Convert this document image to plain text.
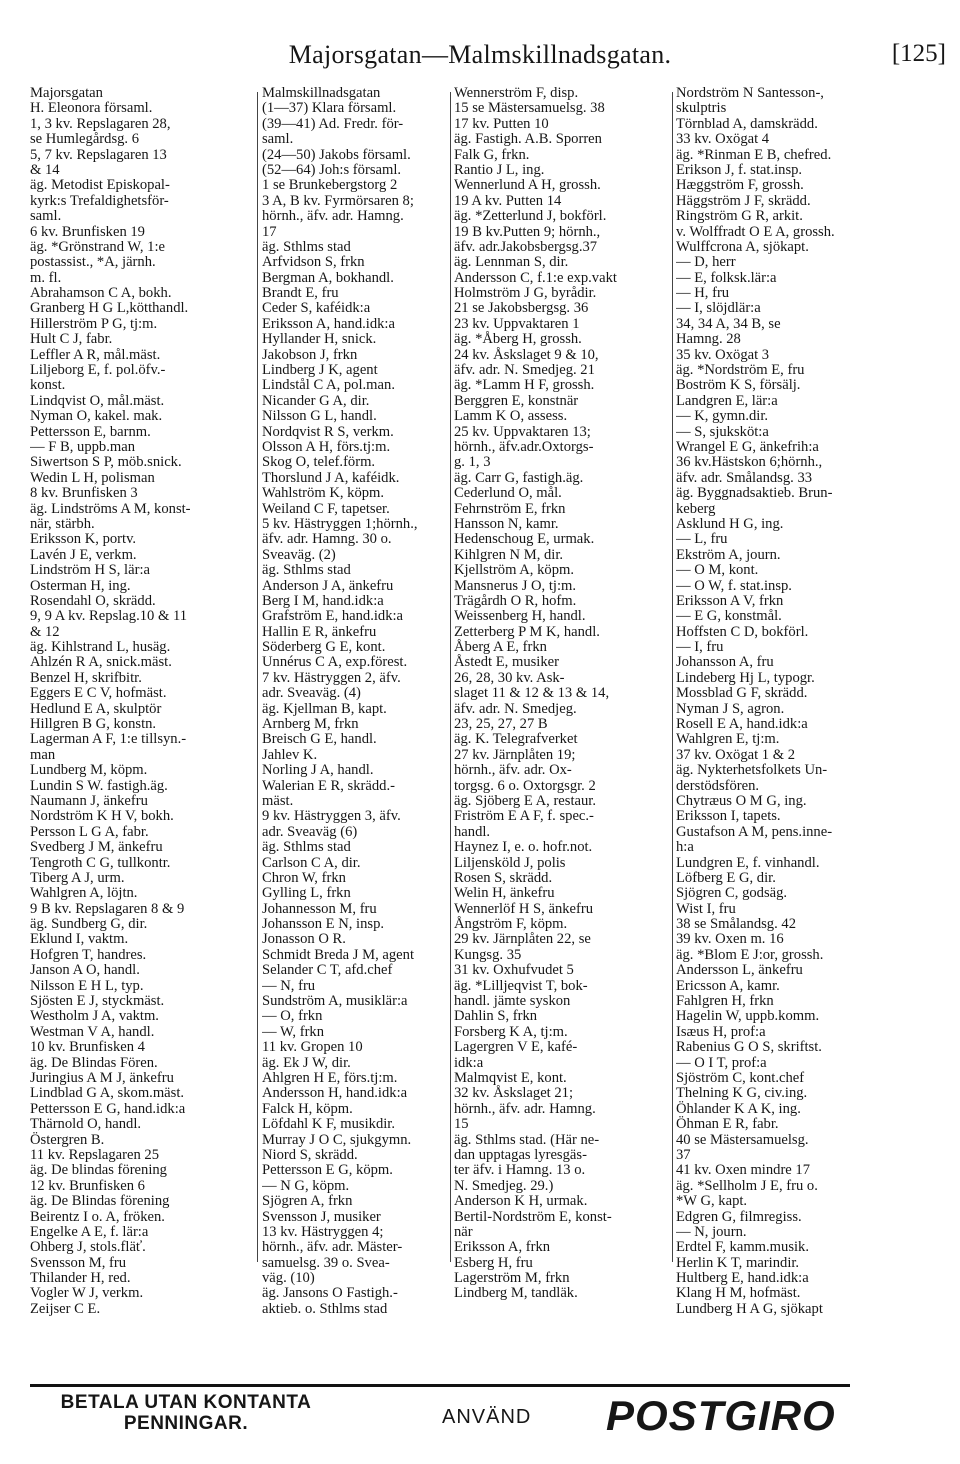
Majorsgatan—Malmskillnadsgatan.	[125]
Majorsgatan
H. Eleonora församl.
1, 3 kv. Repslagaren 28,
se Humlegårdsg. 6
5, 7 kv. Repslagaren 13
& 14
äg. Metodist Episkopal-
kyrk:s Trefaldighetsför-
saml.
6 kv. Brunfisken 19
äg. *Grönstrand W, 1:e
postassist., *A, järnh.
m. fl.
Abrahamson C A, bokh.
Granberg H G L,kötthandl.
Hillerström P G, tj:m.
Hult C J, fabr.
Leffler A R, mål.mäst.
Liljeborg E, f. pol.öfv.-
konst.
Lindqvist O, mål.mäst.
Nyman O, kakel. mak.
Pettersson E, barnm.
— F B, uppb.man
Siwertson S P, möb.snick.
Wedin L H, polisman
8 kv. Brunfisken 3
äg. Lindströms A M, konst-
när, stärbh.
Eriksson K, portv.
Lavén J E, verkm.
Lindström H S, lär:a
Osterman H, ing.
Rosendahl O, skrädd.
9, 9 A kv. Repslag.10 & 11
& 12
äg. Kihlstrand L, husäg.
Ahlzén R A, snick.mäst.
Benzel H, skrifbitr.
Eggers E C V, hofmäst.
Hedlund E A, skulptör
Hillgren B G, konstn.
Lagerman A F, 1:e tillsyn.-
man
Lundberg M, köpm.
Lundin S W. fastigh.äg.
Naumann J, änkefru
Nordström K H V, bokh.
Persson L G A, fabr.
Svedberg J M, änkefru
Tengroth C G, tullkontr.
Tiberg A J, urm.
Wahlgren A, löjtn.
9 B kv. Repslagaren 8 & 9
äg. Sundberg G, dir.
Eklund I, vaktm.
Hofgren T, handres.
Janson A O, handl.
Nilsson E H L, typ.
Sjösten E J, styckmäst.
Westholm J A, vaktm.
Westman V A, handl.
10 kv. Brunfisken 4
äg. De Blindas Fören.
Juringius A M J, änkefru
Lindblad G A, skom.mäst.
Pettersson E G, hand.idk:a
Thärnold O, handl.
Östergren B.
11 kv. Repslagaren 25
äg. De blindas förening
12 kv. Brunfisken 6
äg. De Blindas förening
Beirentz I o. A, fröken.
Engelke A E, f. lär:a
Ohberg J, stols.fläť.
Svensson M, fru
Thilander H, red.
Vogler W J, verkm.
Zeijser C E.
Malmskillnadsgatan
(1—37) Klara församl.
(39—41) Ad. Fredr. för-
saml.
(24—50) Jakobs församl.
(52—64) Joh:s församl.
1 se Brunkebergstorg 2
3 A, B kv. Fyrmörsaren 8;
hörnh., äfv. adr. Hamng.
17
äg. Sthlms stad
Arfvidson S, frkn
Bergman A, bokhandl.
Brandt E, fru
Ceder S, kaféidk:a
Eriksson A, hand.idk:a
Hyllander H, snick.
Jakobson J, frkn
Lindberg J K, agent
Lindstål C A, pol.man.
Nicander G A, dir.
Nilsson G L, handl.
Nordqvist R S, verkm.
Olsson A H, förs.tj:m.
Skog O, telef.förm.
Thorslund J A, kaféidk.
Wahlström K, köpm.
Weiland C F, tapetser.
5 kv. Hästryggen 1;hörnh.,
äfv. adr. Hamng. 30 o.
Sveaväg. (2)
äg. Sthlms stad
Anderson J A, änkefru
Berg I M, hand.idk:a
Grafström E, hand.idk:a
Hallin E R, änkefru
Söderberg G E, kont.
Unnérus C A, exp.förest.
7 kv. Hästryggen 2, äfv.
adr. Sveaväg. (4)
äg. Kjellman B, kapt.
Arnberg M, frkn
Breisch G E, handl.
Jahlev K.
Norling J A, handl.
Walerian E R, skrädd.-
mäst.
9 kv. Hästryggen 3, äfv.
adr. Sveaväg (6)
äg. Sthlms stad
Carlson C A, dir.
Chron W, frkn
Gylling L, frkn
Johannesson M, fru
Johansson E N, insp.
Jonasson O R.
Schmidt Breda J M, agent
Selander C T, afd.chef
— N, fru
Sundström A, musiklär:a
— O, frkn
— W, frkn
11 kv. Gropen 10
äg. Ek J W, dir.
Ahlgren H E, förs.tj:m.
Andersson H, hand.idk:a
Falck H, köpm.
Löfdahl K F, musikdir.
Murray J O C, sjukgymn.
Niord S, skrädd.
Pettersson E G, köpm.
— N G, köpm.
Sjögren A, frkn
Svensson J, musiker
13 kv. Hästryggen 4;
hörnh., äfv. adr. Mäster-
samuelsg. 39 o. Svea-
väg. (10)
äg. Jansons O Fastigh.-
aktieb. o. Sthlms stad
Wennerström F, disp.
15 se Mästersamuelsg. 38
17 kv. Putten 10
äg. Fastigh. A.B. Sporren
Falk G, frkn.
Rantio J L, ing.
Wennerlund A H, grossh.
19 A kv. Putten 14
äg. *Zetterlund J, bokförl.
19 B kv.Putten 9; hörnh.,
äfv. adr.Jakobsbergsg.37
äg. Lennman S, dir.
Andersson C, f.1:e exp.vakt
Holmström J G, byrådir.
21 se Jakobsbergsg. 36
23 kv. Uppvaktaren 1
äg. *Åberg H, grossh.
24 kv. Åskslaget 9 & 10,
äfv. adr. N. Smedjeg. 21
äg. *Lamm H F, grossh.
Berggren E, konstnär
Lamm K O, assess.
25 kv. Uppvaktaren 13;
hörnh., äfv.adr.Oxtorgs-
g. 1, 3
äg. Carr G, fastigh.äg.
Cederlund O, mål.
Fehrnström E, frkn
Hansson N, kamr.
Hedenschoug E, urmak.
Kihlgren N M, dir.
Kjellström A, köpm.
Mansnerus J O, tj:m.
Trägårdh O R, hofm.
Weissenberg H, handl.
Zetterberg P M K, handl.
Åberg A E, frkn
Åstedt E, musiker
26, 28, 30 kv. Ask-
slaget 11 & 12 & 13 & 14,
äfv. adr. N. Smedjeg.
23, 25, 27, 27 B
äg. K. Telegrafverket
27 kv. Järnplåten 19;
hörnh., äfv. adr. Ox-
torgsg. 6 o. Oxtorgsgr. 2
äg. Sjöberg E A, restaur.
Friström E A F, f. spec.-
handl.
Haynez I, e. o. hofr.not.
Liljensköld J, polis
Rosen S, skrädd.
Welin H, änkefru
Wennerlöf H S, änkefru
Ångström F, köpm.
29 kv. Järnplåten 22, se
Kungsg. 35
31 kv. Oxhufvudet 5
äg. *Lilljeqvist T, bok-
handl. jämte syskon
Dahlin S, frkn
Forsberg K A, tj:m.
Lagergren V E, kafé-
idk:a
Malmqvist E, kont.
32 kv. Åskslaget 21;
hörnh., äfv. adr. Hamng.
15
äg. Sthlms stad. (Här ne-
dan upptagas lyresgäs-
ter äfv. i Hamng. 13 o.
N. Smedjeg. 29.)
Anderson K H, urmak.
Bertil-Nordström E, konst-
när
Eriksson A, frkn
Esberg H, fru
Lagerström M, frkn
Lindberg M, tandläk.
Nordström N Santesson-,
skulptris
Törnblad A, damskrädd.
33 kv. Oxögat 4
äg. *Rinman E B, chefred.
Erikson J, f. stat.insp.
Hæggström F, grossh.
Häggström J F, skrädd.
Ringström G R, arkit.
v. Wolffradt O E A, grossh.
Wulffcrona A, sjökapt.
— D, herr
— E, folksk.lär:a
— H, fru
— I, slöjdlär:a
34, 34 A, 34 B, se
Hamng. 28
35 kv. Oxögat 3
äg. *Nordström E, fru
Boström K S, försälj.
Landgren E, lär:a
— K, gymn.dir.
— S, sjuksköt:a
Wrangel E G, änkefrih:a
36 kv.Hästskon 6;hörnh.,
äfv. adr. Smålandsg. 33
äg. Byggnadsaktieb. Brun-
keberg
Asklund H G, ing.
— L, fru
Ekström A, journ.
— O M, kont.
— O W, f. stat.insp.
Eriksson A V, frkn
— E G, konstmål.
Hoffsten C D, bokförl.
— I, fru
Johansson A, fru
Lindeberg Hj L, typogr.
Mossblad G F, skrädd.
Nyman J S, agron.
Rosell E A, hand.idk:a
Wahlgren E, tj:m.
37 kv. Oxögat 1 & 2
äg. Nykterhetsfolkets Un-
derstödsfören.
Chytræus O M G, ing.
Eriksson I, tapets.
Gustafson A M, pens.inne-
h:a
Lundgren E, f. vinhandl.
Löfberg E G, dir.
Sjögren C, godsäg.
Wist I, fru
38 se Smålandsg. 42
39 kv. Oxen m. 16
äg. *Blom E J:or, grossh.
Andersson L, änkefru
Ericsson A, kamr.
Fahlgren H, frkn
Hagelin W, uppb.komm.
Isæus H, prof:a
Rabenius G O S, skriftst.
— O I T, prof:a
Sjöström C, kont.chef
Thelning K G, civ.ing.
Öhlander K A K, ing.
Öhman E R, fabr.
40 se Mästersamuelsg.
37
41 kv. Oxen mindre 17
äg. *Sellholm J E, fru o.
*W G, kapt.
Edgren G, filmregiss.
— N, journ.
Erdtel F, kamm.musik.
Herlin K T, marindir.
Hultberg E, hand.idk:a
Klang H M, hofmäst.
Lundberg H A G, sjökapt
BETALA UTAN KONTANTA
PENNINGAR.	ANVÄND POSTGIRO
